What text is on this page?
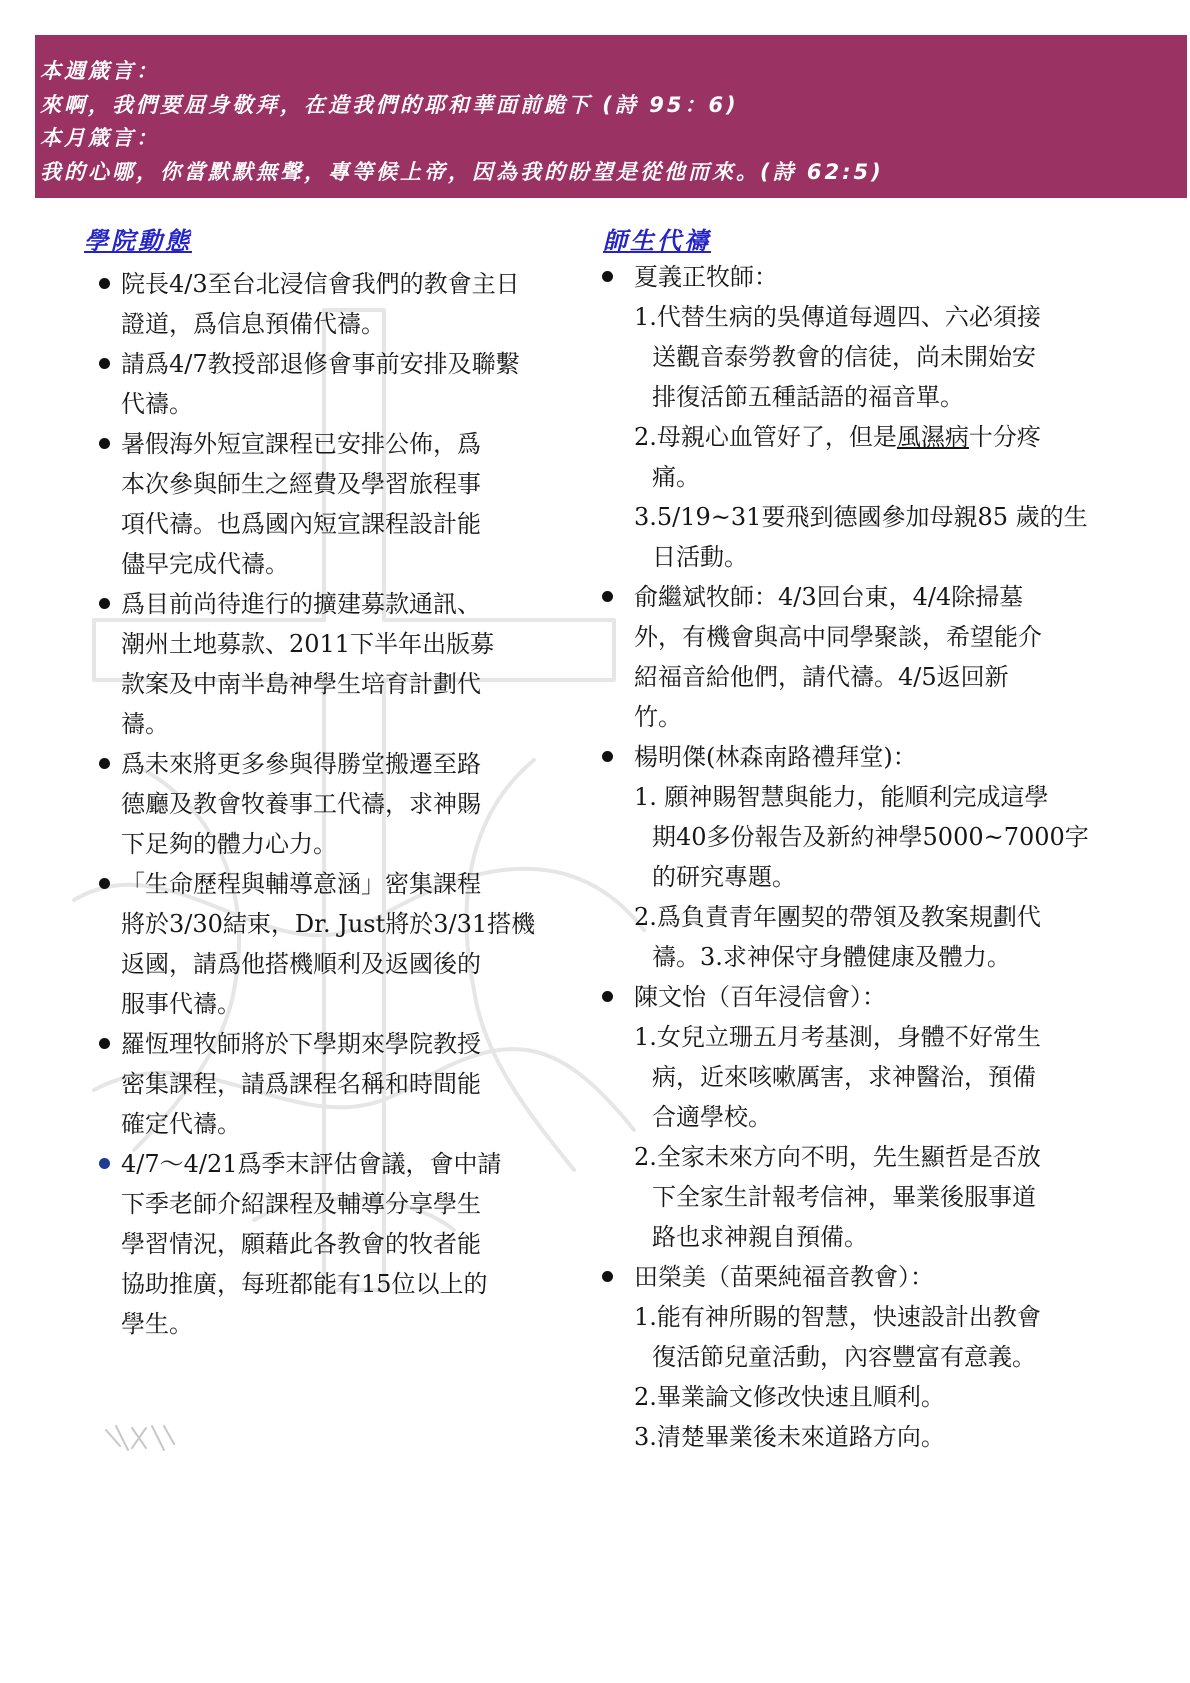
本週箴言：
來啊，我們要屈身敬拜，在造我們的耶和華面前跪下 (詩 95：6)
本月箴言：
我的心哪，你當默默無聲，專等候上帝，因為我的盼望是從他而來。(詩 62:5)
學院動態
院長4/3至台北浸信會我們的教會主日
證道，爲信息預備代禱。
請爲4/7教授部退修會事前安排及聯繫
代禱。
暑假海外短宣課程已安排公佈，爲
本次參與師生之經費及學習旅程事
項代禱。也爲國內短宣課程設計能
儘早完成代禱。
爲目前尚待進行的擴建募款通訊、
潮州土地募款、2011下半年出版募
款案及中南半島神學生培育計劃代
禱。
爲未來將更多參與得勝堂搬遷至路
德廳及教會牧養事工代禱，求神賜
下足夠的體力心力。
「生命歷程與輔導意涵」密集課程
將於3/30結束，Dr. Just將於3/31搭機
返國，請爲他搭機順利及返國後的
服事代禱。
羅恆理牧師將於下學期來學院教授
密集課程，請爲課程名稱和時間能
確定代禱。
4/7～4/21爲季末評估會議，會中請
下季老師介紹課程及輔導分享學生
學習情況，願藉此各教會的牧者能
協助推廣，每班都能有15位以上的
學生。
師生代禱
夏義正牧師：
1.代替生病的吳傳道每週四、六必須接
送觀音泰勞教會的信徒，尚未開始安
排復活節五種話語的福音單。
2.母親心血管好了，但是風濕病十分疼
痛。
3.5/19~31要飛到德國參加母親85 歲的生
日活動。
俞繼斌牧師：4/3回台東，4/4除掃墓
外，有機會與高中同學聚談，希望能介
紹福音給他們，請代禱。4/5返回新
竹。
楊明傑(林森南路禮拜堂)：
1. 願神賜智慧與能力，能順利完成這學
期40多份報告及新約神學5000~7000字
的研究專題。
2.爲負責青年團契的帶領及教案規劃代
禱。3.求神保守身體健康及體力。
陳文怡（百年浸信會）：
1.女兒立珊五月考基測，身體不好常生
病，近來咳嗽厲害，求神醫治，預備
合適學校。
2.全家未來方向不明，先生顯哲是否放
下全家生計報考信神，畢業後服事道
路也求神親自預備。
田榮美（苗栗純福音教會）：
1.能有神所賜的智慧，快速設計出教會
復活節兒童活動，內容豐富有意義。
2.畢業論文修改快速且順利。
3.清楚畢業後未來道路方向。
